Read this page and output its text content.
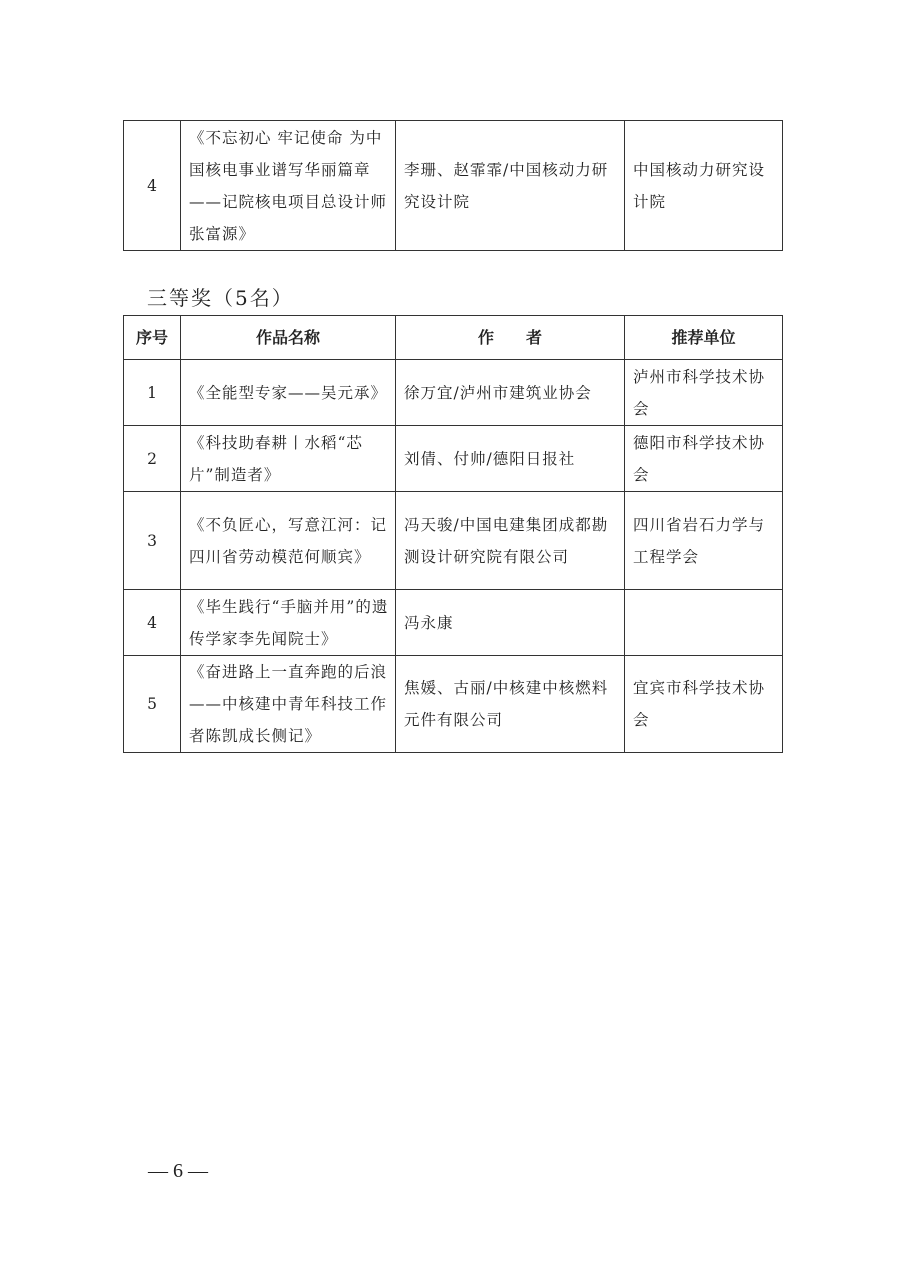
4	《不忘初心 牢记使命 为中国核电事业谱写华丽篇章——记院核电项目总设计师张富源》	李珊、赵霏霏/中国核动力研究设计院	中国核动力研究设计院
三等奖（5名）
序号	作品名称	作　　者	推荐单位
1	《全能型专家——吴元承》	徐万宜/泸州市建筑业协会	泸州市科学技术协会
2	《科技助春耕丨水稻“芯片”制造者》	刘倩、付帅/德阳日报社	德阳市科学技术协会
3	《不负匠心，写意江河：记四川省劳动模范何顺宾》	冯天骏/中国电建集团成都勘测设计研究院有限公司	四川省岩石力学与工程学会
4	《毕生践行“手脑并用”的遗传学家李先闻院士》	冯永康	
5	《奋进路上一直奔跑的后浪——中核建中青年科技工作者陈凯成长侧记》	焦媛、古丽/中核建中核燃料元件有限公司	宜宾市科学技术协会
— 6 —
